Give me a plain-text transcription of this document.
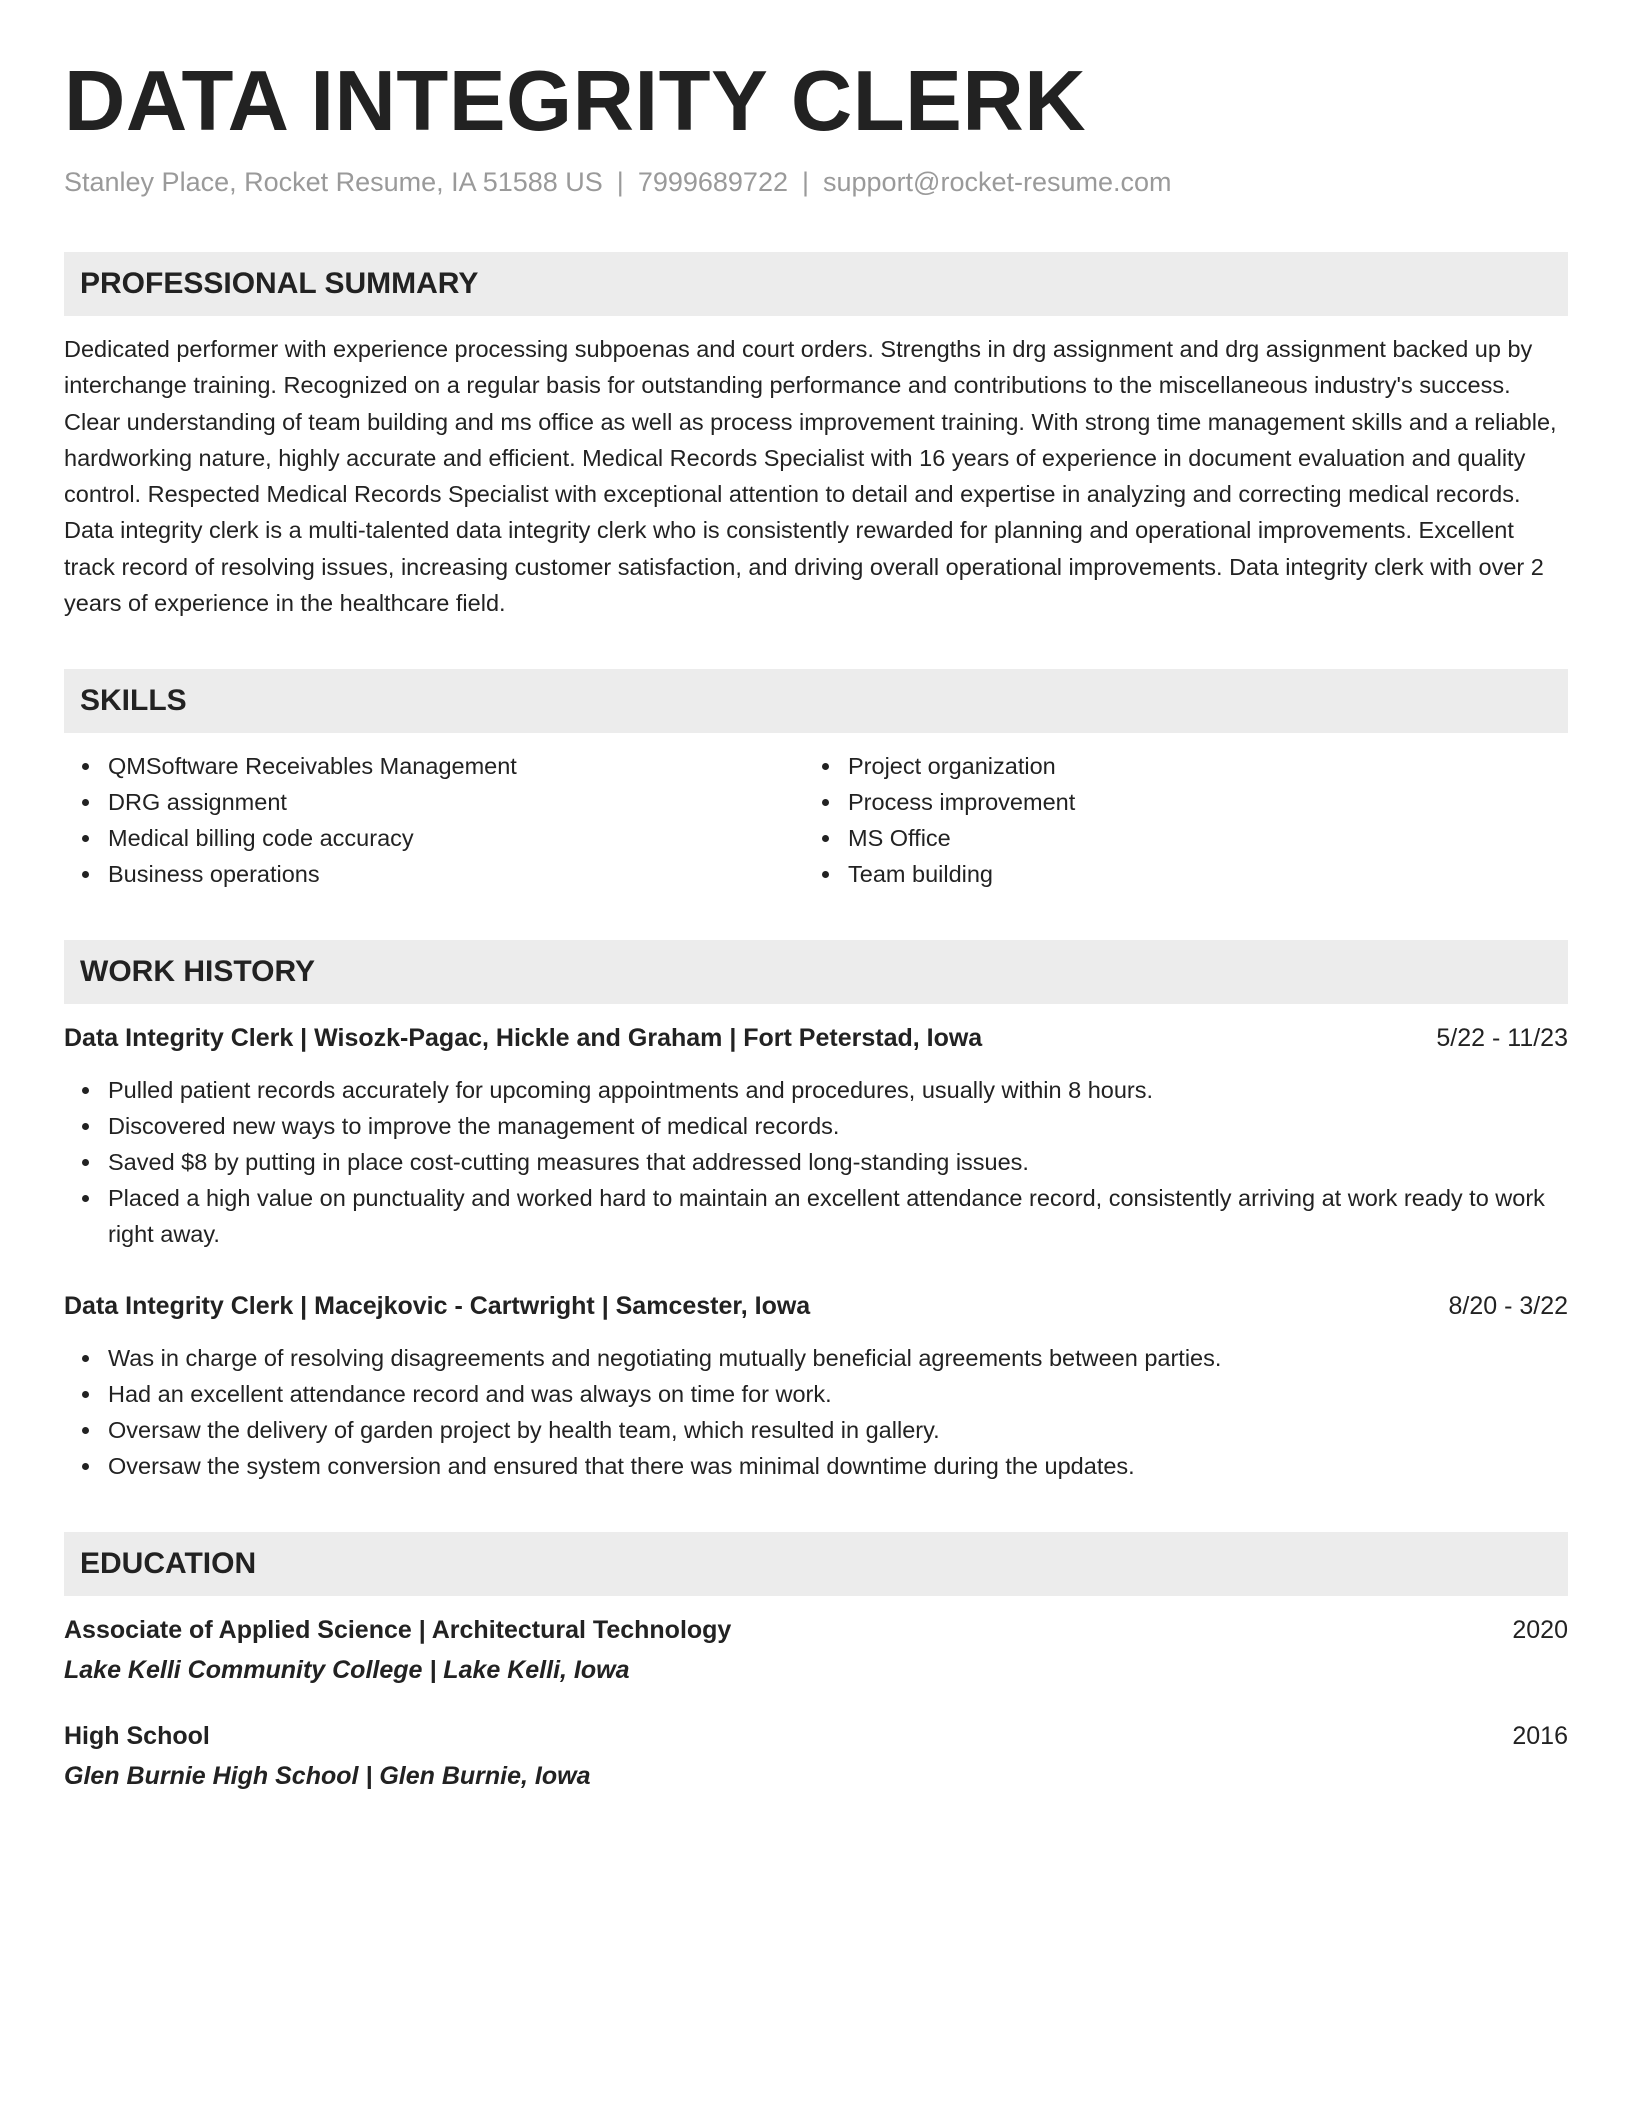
DATA INTEGRITY CLERK
Stanley Place, Rocket Resume, IA 51588 US | 7999689722 | support@rocket-resume.com
PROFESSIONAL SUMMARY
Dedicated performer with experience processing subpoenas and court orders. Strengths in drg assignment and drg assignment backed up by interchange training. Recognized on a regular basis for outstanding performance and contributions to the miscellaneous industry's success. Clear understanding of team building and ms office as well as process improvement training. With strong time management skills and a reliable, hardworking nature, highly accurate and efficient. Medical Records Specialist with 16 years of experience in document evaluation and quality control. Respected Medical Records Specialist with exceptional attention to detail and expertise in analyzing and correcting medical records. Data integrity clerk is a multi-talented data integrity clerk who is consistently rewarded for planning and operational improvements. Excellent track record of resolving issues, increasing customer satisfaction, and driving overall operational improvements. Data integrity clerk with over 2 years of experience in the healthcare field.
SKILLS
QMSoftware Receivables Management
DRG assignment
Medical billing code accuracy
Business operations
Project organization
Process improvement
MS Office
Team building
WORK HISTORY
Data Integrity Clerk | Wisozk-Pagac, Hickle and Graham | Fort Peterstad, Iowa	5/22 - 11/23
Pulled patient records accurately for upcoming appointments and procedures, usually within 8 hours.
Discovered new ways to improve the management of medical records.
Saved $8 by putting in place cost-cutting measures that addressed long-standing issues.
Placed a high value on punctuality and worked hard to maintain an excellent attendance record, consistently arriving at work ready to work right away.
Data Integrity Clerk | Macejkovic - Cartwright | Samcester, Iowa	8/20 - 3/22
Was in charge of resolving disagreements and negotiating mutually beneficial agreements between parties.
Had an excellent attendance record and was always on time for work.
Oversaw the delivery of garden project by health team, which resulted in gallery.
Oversaw the system conversion and ensured that there was minimal downtime during the updates.
EDUCATION
Associate of Applied Science | Architectural Technology	2020
Lake Kelli Community College | Lake Kelli, Iowa
High School	2016
Glen Burnie High School | Glen Burnie, Iowa
